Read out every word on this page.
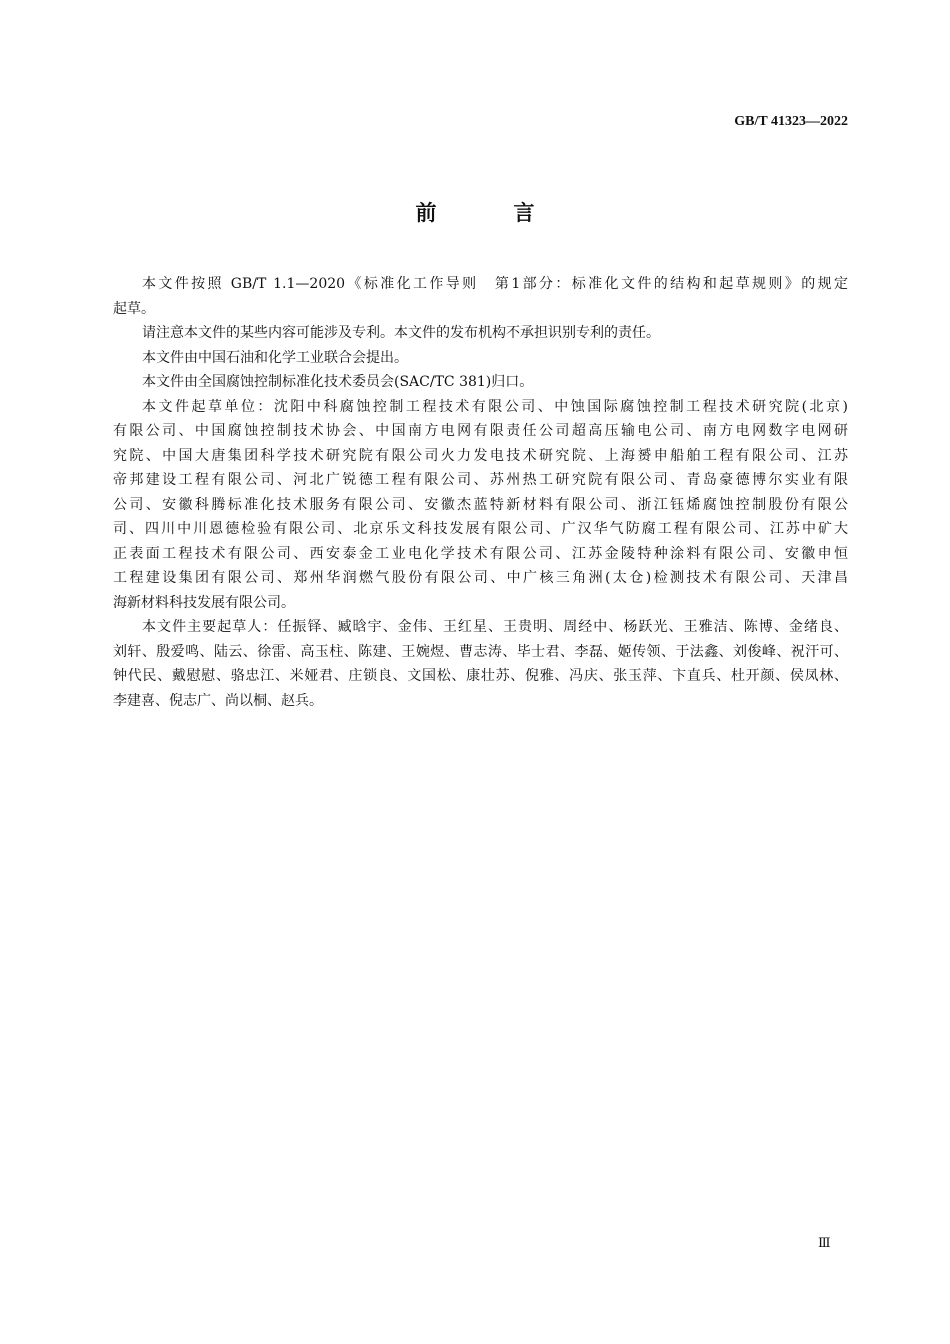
GB/T 41323—2022
前　言
本文件按照 GB/T 1.1—2020《标准化工作导则　第1部分：标准化文件的结构和起草规则》的规定
起草。
请注意本文件的某些内容可能涉及专利。本文件的发布机构不承担识别专利的责任。
本文件由中国石油和化学工业联合会提出。
本文件由全国腐蚀控制标准化技术委员会(SAC/TC 381)归口。
本文件起草单位：沈阳中科腐蚀控制工程技术有限公司、中蚀国际腐蚀控制工程技术研究院(北京)
有限公司、中国腐蚀控制技术协会、中国南方电网有限责任公司超高压输电公司、南方电网数字电网研
究院、中国大唐集团科学技术研究院有限公司火力发电技术研究院、上海赟申船舶工程有限公司、江苏
帝邦建设工程有限公司、河北广锐德工程有限公司、苏州热工研究院有限公司、青岛豪德博尔实业有限
公司、安徽科腾标准化技术服务有限公司、安徽杰蓝特新材料有限公司、浙江钰烯腐蚀控制股份有限公
司、四川中川恩德检验有限公司、北京乐文科技发展有限公司、广汉华气防腐工程有限公司、江苏中矿大
正表面工程技术有限公司、西安泰金工业电化学技术有限公司、江苏金陵特种涂料有限公司、安徽申恒
工程建设集团有限公司、郑州华润燃气股份有限公司、中广核三角洲(太仓)检测技术有限公司、天津昌
海新材料科技发展有限公司。
本文件主要起草人：任振铎、臧晗宇、金伟、王红星、王贵明、周经中、杨跃光、王雅洁、陈博、金绪良、
刘轩、殷爱鸣、陆云、徐雷、高玉柱、陈建、王婉煜、曹志涛、毕士君、李磊、姬传领、于法鑫、刘俊峰、祝汗可、
钟代民、戴慰慰、骆忠江、米娅君、庄锁良、文国松、康壮苏、倪雅、冯庆、张玉萍、卞直兵、杜开颜、侯凤林、
李建喜、倪志广、尚以桐、赵兵。
Ⅲ
